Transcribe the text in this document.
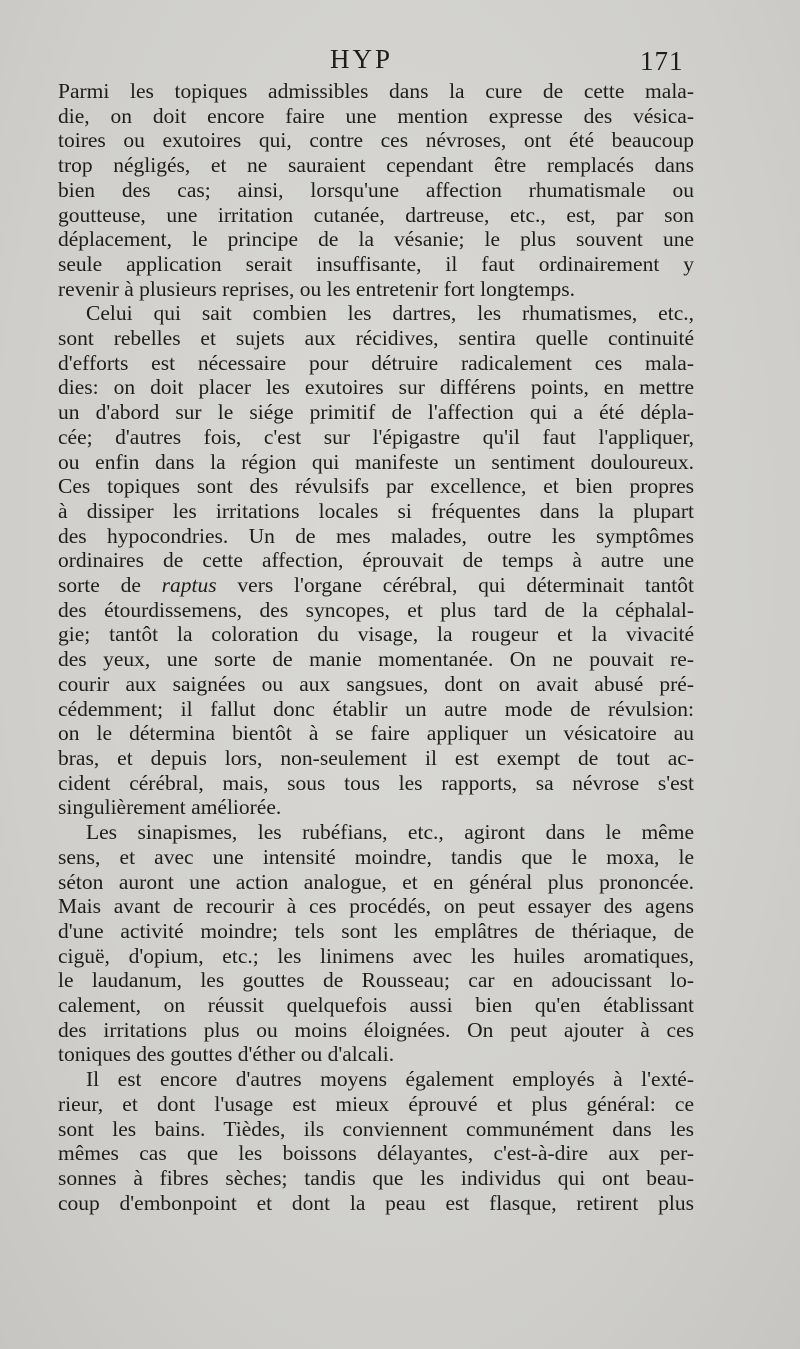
HYP	171
Parmi les topiques admissibles dans la cure de cette mala-
die, on doit encore faire une mention expresse des vésica-
toires ou exutoires qui, contre ces névroses, ont été beaucoup
trop négligés, et ne sauraient cependant être remplacés dans
bien des cas; ainsi, lorsqu'une affection rhumatismale ou
goutteuse, une irritation cutanée, dartreuse, etc., est, par son
déplacement, le principe de la vésanie; le plus souvent une
seule application serait insuffisante, il faut ordinairement y
revenir à plusieurs reprises, ou les entretenir fort longtemps.
Celui qui sait combien les dartres, les rhumatismes, etc.,
sont rebelles et sujets aux récidives, sentira quelle continuité
d'efforts est nécessaire pour détruire radicalement ces mala-
dies: on doit placer les exutoires sur différens points, en mettre
un d'abord sur le siége primitif de l'affection qui a été dépla-
cée; d'autres fois, c'est sur l'épigastre qu'il faut l'appliquer,
ou enfin dans la région qui manifeste un sentiment douloureux.
Ces topiques sont des révulsifs par excellence, et bien propres
à dissiper les irritations locales si fréquentes dans la plupart
des hypocondries. Un de mes malades, outre les symptômes
ordinaires de cette affection, éprouvait de temps à autre une
sorte de raptus vers l'organe cérébral, qui déterminait tantôt
des étourdissemens, des syncopes, et plus tard de la céphalal-
gie; tantôt la coloration du visage, la rougeur et la vivacité
des yeux, une sorte de manie momentanée. On ne pouvait re-
courir aux saignées ou aux sangsues, dont on avait abusé pré-
cédemment; il fallut donc établir un autre mode de révulsion:
on le détermina bientôt à se faire appliquer un vésicatoire au
bras, et depuis lors, non-seulement il est exempt de tout ac-
cident cérébral, mais, sous tous les rapports, sa névrose s'est
singulièrement améliorée.
Les sinapismes, les rubéfians, etc., agiront dans le même
sens, et avec une intensité moindre, tandis que le moxa, le
séton auront une action analogue, et en général plus prononcée.
Mais avant de recourir à ces procédés, on peut essayer des agens
d'une activité moindre; tels sont les emplâtres de thériaque, de
ciguë, d'opium, etc.; les linimens avec les huiles aromatiques,
le laudanum, les gouttes de Rousseau; car en adoucissant lo-
calement, on réussit quelquefois aussi bien qu'en établissant
des irritations plus ou moins éloignées. On peut ajouter à ces
toniques des gouttes d'éther ou d'alcali.
Il est encore d'autres moyens également employés à l'exté-
rieur, et dont l'usage est mieux éprouvé et plus général: ce
sont les bains. Tièdes, ils conviennent communément dans les
mêmes cas que les boissons délayantes, c'est-à-dire aux per-
sonnes à fibres sèches; tandis que les individus qui ont beau-
coup d'embonpoint et dont la peau est flasque, retirent plus
